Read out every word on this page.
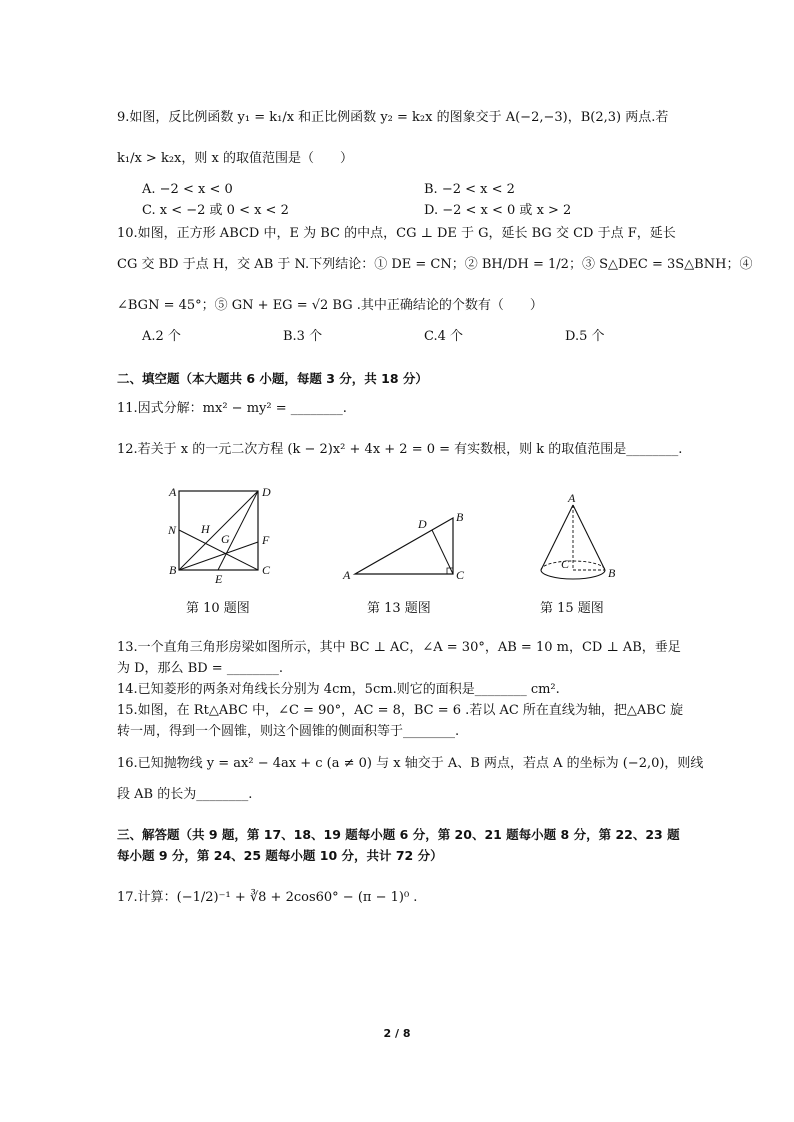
9.如图，反比例函数 y₁ = k₁/x 和正比例函数 y₂ = k₂x 的图象交于 A(−2,−3)，B(2,3) 两点.若
k₁/x > k₂x，则 x 的取值范围是（　　）
A. −2 < x < 0	B. −2 < x < 2
C. x < −2 或 0 < x < 2	D. −2 < x < 0 或 x > 2
10.如图，正方形 ABCD 中，E 为 BC 的中点，CG ⊥ DE 于 G，延长 BG 交 CD 于点 F，延长
CG 交 BD 于点 H，交 AB 于 N.下列结论：① DE = CN；② BH/DH = 1/2；③ S△DEC = 3S△BNH；④
∠BGN = 45°；⑤ GN + EG = √2 BG .其中正确结论的个数有（　　）
A.2 个	B.3 个	C.4 个	D.5 个
二、填空题（本大题共 6 小题，每题 3 分，共 18 分）
11.因式分解：mx² − my² = ________.
12.若关于 x 的一元二次方程 (k − 2)x² + 4x + 2 = 0 = 有实数根，则 k 的取值范围是________.
A	D
N H
G	F
B
E
C
第 10 题图
D B
A	C
第 13 题图
A
C
B
第 15 题图
13.一个直角三角形房梁如图所示，其中 BC ⊥ AC，∠A = 30°，AB = 10 m，CD ⊥ AB，垂足
为 D，那么 BD = ________.
14.已知菱形的两条对角线长分别为 4cm，5cm.则它的面积是________ cm².
15.如图，在 Rt△ABC 中，∠C = 90°，AC = 8，BC = 6 .若以 AC 所在直线为轴，把△ABC 旋
转一周，得到一个圆锥，则这个圆锥的侧面积等于________.
16.已知抛物线 y = ax² − 4ax + c (a ≠ 0) 与 x 轴交于 A、B 两点，若点 A 的坐标为 (−2,0)，则线
段 AB 的长为________.
三、解答题（共 9 题，第 17、18、19 题每小题 6 分，第 20、21 题每小题 8 分，第 22、23 题
每小题 9 分，第 24、25 题每小题 10 分，共计 72 分）
17.计算：(−1/2)⁻¹ + ∛8 + 2cos60° − (π − 1)⁰ .
2 / 8
